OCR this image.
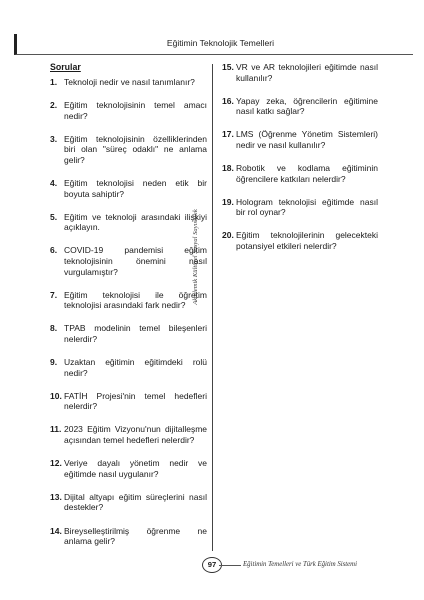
Eğitimin Teknolojik Temelleri
Sorular
1. Teknoloji nedir ve nasıl tanımlanır?
2. Eğitim teknolojisinin temel amacı nedir?
3. Eğitim teknolojisinin özelliklerinden biri olan "süreç odaklı" ne anlama gelir?
4. Eğitim teknolojisi neden etik bir boyuta sahiptir?
5. Eğitim ve teknoloji arasındaki ilişkiyi açıklayın.
6. COVID-19 pandemisi eğitim teknolojisinin önemini nasıl vurgulamıştır?
7. Eğitim teknolojisi ile öğretim teknolojisi arasındaki fark nedir?
8. TPAB modelinin temel bileşenleri nelerdir?
9. Uzaktan eğitimin eğitimdeki rolü nedir?
10. FATİH Projesi'nin temel hedefleri nelerdir?
11. 2023 Eğitim Vizyonu'nun dijitalleşme açısından temel hedefleri nelerdir?
12. Veriye dayalı yönetim nedir ve eğitimde nasıl uygulanır?
13. Dijital altyapı eğitim süreçlerini nasıl destekler?
14. Bireyselleştirilmiş öğrenme ne anlama gelir?
Akademik Kültürel Sosyal Sayısallık
15. VR ve AR teknolojileri eğitimde nasıl kullanılır?
16. Yapay zeka, öğrencilerin eğitimine nasıl katkı sağlar?
17. LMS (Öğrenme Yönetim Sistemleri) nedir ve nasıl kullanılır?
18. Robotik ve kodlama eğitiminin öğrencilere katkıları nelerdir?
19. Hologram teknolojisi eğitimde nasıl bir rol oynar?
20. Eğitim teknolojilerinin gelecekteki potansiyel etkileri nelerdir?
97	Eğitimin Temelleri ve Türk Eğitim Sistemi
